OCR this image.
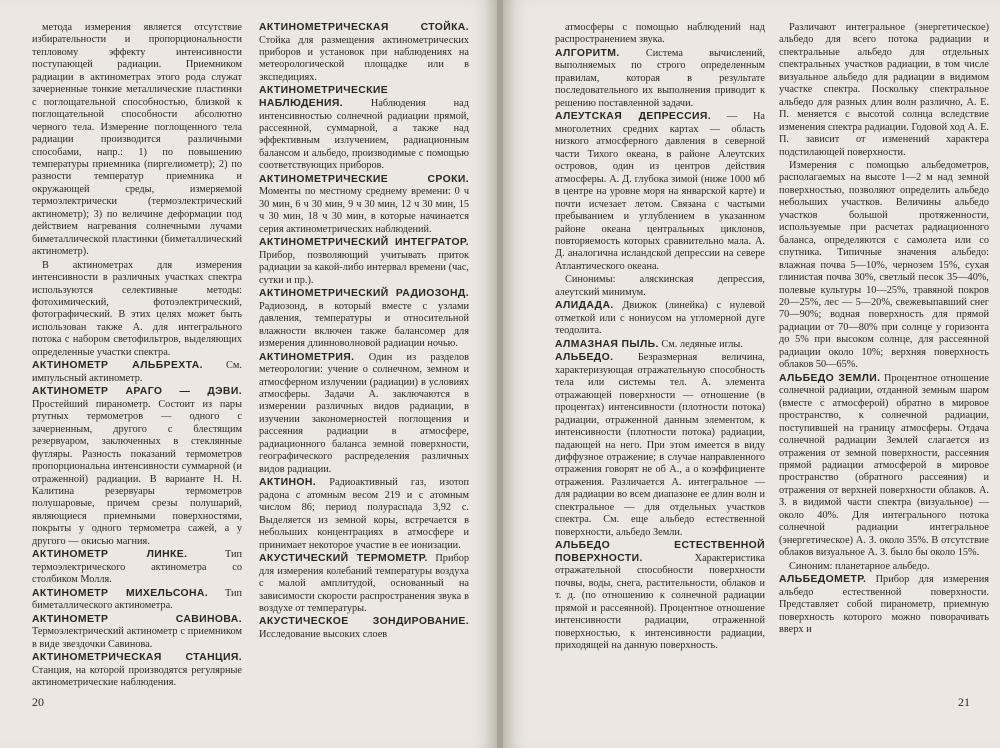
метода измерения является отсутствие избирательности и пропорциональности тепловому эффекту интенсивности поступающей радиации. Приемником радиации в актинометрах этого рода служат зачерненные тонкие металлические пластинки с поглощательной способностью, близкой к поглощательной способности абсолютно черного тела. Измерение поглощенного тела радиации производится различными способами, напр.: 1) по повышению температуры приемника (пиргелиометр); 2) по разности температур приемника и окружающей среды, измеряемой термоэлектрически (термоэлектрический актинометр); 3) по величине деформации под действием нагревания солнечными лучами биметаллической пластинки (биметаллический актинометр).
В актинометрах для измерения интенсивности в различных участках спектра используются селективные методы: фотохимический, фотоэлектрический, фотографический. В этих целях может быть использован также А. для интегрального потока с набором светофильтров, выделяющих определенные участки спектра.
АКТИНОМЕТР АЛЬБРЕХТА. См. импульсный актинометр.
АКТИНОМЕТР АРАГО — ДЭВИ. Простейший пиранометр. Состоит из пары ртутных термометров — одного с зачерненным, другого с блестящим резервуаром, заключенных в стеклянные футляры. Разность показаний термометров пропорциональна интенсивности суммарной (и отраженной) радиации. В варианте Н. Н. Калитина резервуары термометров полушаровые, причем срезы полушарий, являющиеся приемными поверхностями, покрыты у одного термометра сажей, а у другого — окисью магния.
АКТИНОМЕТР ЛИНКЕ.	Тип термоэлектрического актинометра со столбиком Молля.
АКТИНОМЕТР МИХЕЛЬСОНА. Тип биметаллического актинометра.
АКТИНОМЕТР САВИНОВА. Термоэлектрический актинометр с приемником в виде звездочки Савинова.
АКТИНОМЕТРИЧЕСКАЯ СТАНЦИЯ. Станция, на которой производятся регулярные актинометрические наблюдения.
АКТИНОМЕТРИЧЕСКАЯ СТОЙКА. Стойка для размещения актинометрических приборов и установок при наблюдениях на метеорологической площадке или в экспедициях.
АКТИНОМЕТРИЧЕСКИЕ НАБЛЮДЕНИЯ.	Наблюдения над интенсивностью солнечной радиации прямой, рассеянной, суммарной, а также над эффективным излучением, радиационным балансом и альбедо, производимые с помощью соответствующих приборов.
АКТИНОМЕТРИЧЕСКИЕ СРОКИ. Моменты по местному среднему времени: 0 ч 30 мин, 6 ч 30 мин, 9 ч 30 мин, 12 ч 30 мин, 15 ч 30 мин, 18 ч 30 мин, в которые начинается серия актинометрических наблюдений.
АКТИНОМЕТРИЧЕСКИЙ ИНТЕГРАТОР. Прибор, позволяющий учитывать приток радиации за какой-либо интервал времени (час, сутки и пр.).
АКТИНОМЕТРИЧЕСКИЙ РАДИОЗОНД. Радиозонд, в который вместе с узлами давления, температуры и относительной влажности включен также балансомер для измерения длинноволновой радиации ночью.
АКТИНОМЕТРИЯ. Один из разделов метеорологии: учение о солнечном, земном и атмосферном излучении (радиации) в условиях атмосферы. Задачи А. заключаются в измерении различных видов радиации, в изучении закономерностей поглощения и рассеяния радиации в атмосфере, радиационного баланса земной поверхности, географического распределения различных видов радиации.
АКТИНОН. Радиоактивный газ, изотоп радона с атомным весом 219 и с атомным числом 86; период полураспада 3,92 с. Выделяется из земной коры, встречается в небольших концентрациях в атмосфере и принимает некоторое участие в ее ионизации.
АКУСТИЧЕСКИЙ ТЕРМОМЕТР. Прибор для измерения колебаний температуры воздуха с малой амплитудой, основанный на зависимости скорости распространения звука в воздухе от температуры.
АКУСТИЧЕСКОЕ ЗОНДИРОВАНИЕ. Исследование высоких слоев
20
атмосферы с помощью наблюдений над распространением звука.
АЛГОРИТМ.	Система вычислений, выполняемых по строго определенным правилам, которая в результате последовательного их выполнения приводит к решению поставленной задачи.
АЛЕУТСКАЯ ДЕПРЕССИЯ. — На многолетних средних картах — область низкого атмосферного давления в северной части Тихого океана, в районе Алеутских островов, один из центров действия атмосферы. А. Д. глубока зимой (ниже 1000 мб в центре на уровне моря на январской карте) и почти исчезает летом. Связана с частыми пребыванием и углублением в указанном районе океана центральных циклонов, повторяемость которых сравнительно мала. А. Д. аналогична исландской депрессии на севере Атлантического океана.
Синонимы: аляскинская депрессия, алеутский минимум.
АЛИДАДА. Движок (линейка) с нулевой отметкой или с нониусом на угломерной дуге теодолита.
АЛМАЗНАЯ ПЫЛЬ. См. ледяные иглы.
АЛЬБЕДО. Безразмерная величина, характеризующая отражательную способность тела или системы тел. А. элемента отражающей поверхности — отношение (в процентах) интенсивности (плотности потока) радиации, отраженной данным элементом, к интенсивности (плотности потока) радиации, падающей на него. При этом имеется в виду диффузное отражение; в случае направленного отражения говорят не об А., а о коэффициенте отражения. Различается А. интегральное — для радиации во всем диапазоне ее длин волн и спектральное — для отдельных участков спектра. См. еще альбедо естественной поверхности, альбедо Земли.
АЛЬБЕДО ЕСТЕСТВЕННОЙ ПОВЕРХНОСТИ.	Характеристика отражательной способности поверхности почвы, воды, снега, растительности, облаков и т. д. (по отношению к солнечной радиации прямой и рассеянной). Процентное отношение интенсивности радиации, отраженной поверхностью, к интенсивности радиации, приходящей на данную поверхность.
Различают интегральное (энергетическое) альбедо для всего потока радиации и спектральные альбедо для отдельных спектральных участков радиации, в том числе визуальное альбедо для радиации в видимом участке спектра. Поскольку спектральное альбедо для разных длин волн различно, А. Е. П. меняется с высотой солнца вследствие изменения спектра радиации. Годовой ход А. Е. П. зависит от изменений характера подстилающей поверхности.
Измерения с помощью альбедометров, располагаемых на высоте 1—2 м над земной поверхностью, позволяют определить альбедо небольших участков. Величины альбедо участков большой протяженности, используемые при расчетах радиационного баланса, определяются с самолета или со спутника. Типичные значения альбедо: влажная почва 5—10%, чернозем 15%, сухая глинистая почва 30%, светлый песок 35—40%, полевые культуры 10—25%, травяной покров 20—25%, лес — 5—20%, свежевыпавший снег 70—90%; водная поверхность для прямой радиации от 70—80% при солнце у горизонта до 5% при высоком солнце, для рассеянной радиации около 10%; верхняя поверхность облаков 50—65%.
АЛЬБЕДО ЗЕМЛИ. Процентное отношение солнечной радиации, отданной земным шаром (вместе с атмосферой) обратно в мировое пространство, к солнечной радиации, поступившей на границу атмосферы. Отдача солнечной радиации Землей слагается из отражения от земной поверхности, рассеяния прямой радиации атмосферой в мировое пространство (обратного рассеяния) и отражения от верхней поверхности облаков. А. З. в видимой части спектра (визуальное) — около 40%. Для интегрального потока солнечной радиации интегральное (энергетическое) А. З. около 35%. В отсутствие облаков визуальное А. З. было бы около 15%.
Синоним: планетарное альбедо.
АЛЬБЕДОМЕТР. Прибор для измерения альбедо естественной поверхности. Представляет собой пиранометр, приемную поверхность которого можно поворачивать вверх и
21
